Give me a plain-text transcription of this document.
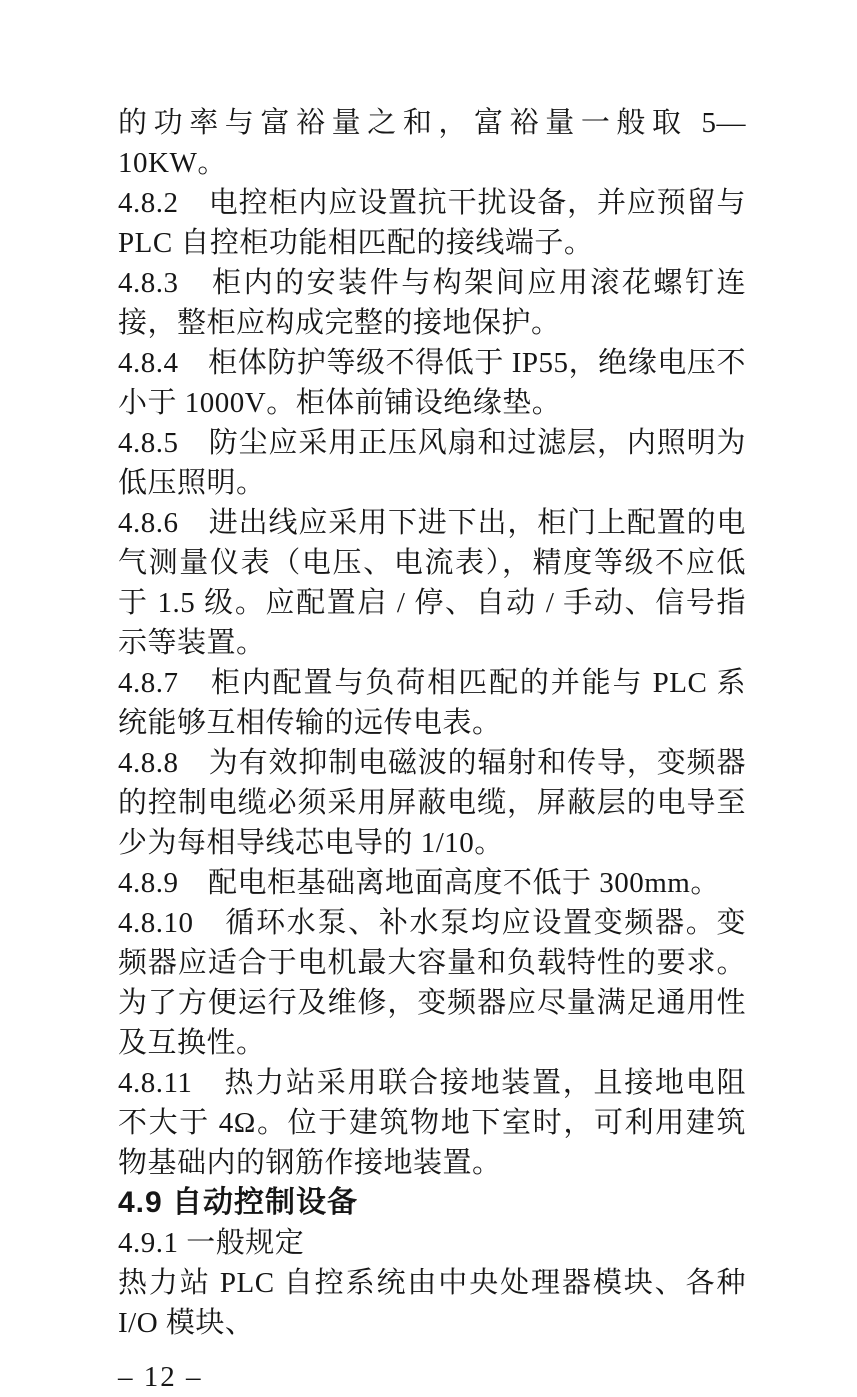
的功率与富裕量之和，富裕量一般取 5—10KW。

4.8.2　电控柜内应设置抗干扰设备，并应预留与 PLC 自控柜功能相匹配的接线端子。

4.8.3　柜内的安装件与构架间应用滚花螺钉连接，整柜应构成完整的接地保护。

4.8.4　柜体防护等级不得低于 IP55，绝缘电压不小于 1000V。柜体前铺设绝缘垫。

4.8.5　防尘应采用正压风扇和过滤层，内照明为低压照明。

4.8.6　进出线应采用下进下出，柜门上配置的电气测量仪表（电压、电流表），精度等级不应低于 1.5 级。应配置启 / 停、自动 / 手动、信号指示等装置。

4.8.7　柜内配置与负荷相匹配的并能与 PLC 系统能够互相传输的远传电表。

4.8.8　为有效抑制电磁波的辐射和传导，变频器的控制电缆必须采用屏蔽电缆，屏蔽层的电导至少为每相导线芯电导的 1/10。

4.8.9　配电柜基础离地面高度不低于 300mm。

4.8.10　循环水泵、补水泵均应设置变频器。变频器应适合于电机最大容量和负载特性的要求。为了方便运行及维修，变频器应尽量满足通用性及互换性。

4.8.11　热力站采用联合接地装置，且接地电阻不大于 4Ω。位于建筑物地下室时，可利用建筑物基础内的钢筋作接地装置。

4.9 自动控制设备

4.9.1 一般规定

热力站 PLC 自控系统由中央处理器模块、各种 I/O 模块、

– 12 –
